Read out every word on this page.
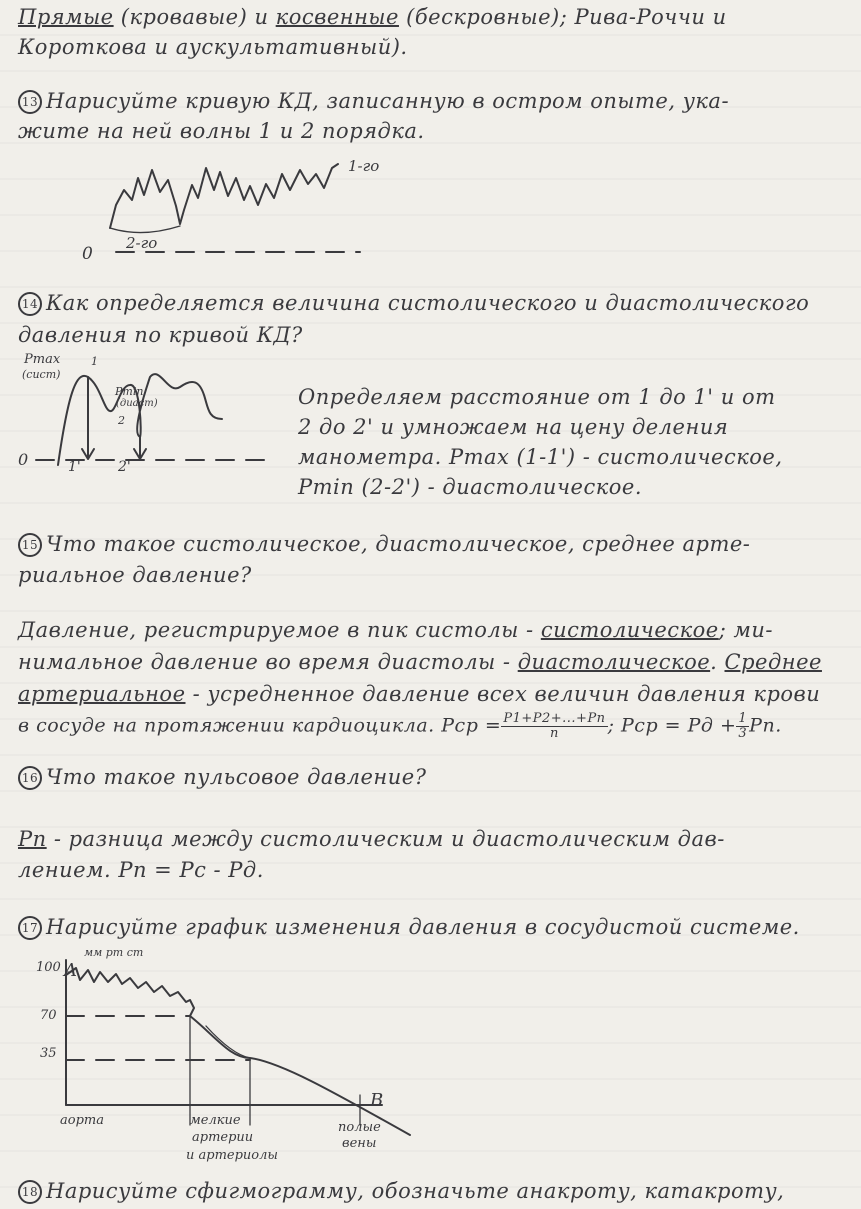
Прямые (кровавые) и косвенные (бескровные); Рива-Роччи и
Короткова и аускультативный).
13 Нарисуйте кривую КД, записанную в остром опыте, ука-
жите на ней волны 1 и 2 порядка.
1-го
2-го
0
14 Как определяется величина систолического и диастолического
давления по кривой КД?
Pmax
(сист)
Pmin
(диаст)
1
2
1'	2'
0
Определяем расстояние от 1 до 1' и от
2 до 2' и умножаем на цену деления
манометра. Pmax (1-1') - систолическое,
Pmin (2-2') - диастолическое.
15 Что такое систолическое, диастолическое, среднее арте-
риальное давление?
Давление, регистрируемое в пик систолы - систолическое; ми-
нимальное давление во время диастолы - диастолическое. Среднее
артериальное - усредненное давление всех величин давления крови
в сосуде на протяжении кардиоцикла. Pср = $\frac{P1+P2+...+Pn}{n}$ ; Pср = Pд + $\frac{1}{3}$ Pп.
16 Что такое пульсовое давление?
Pп - разница между систолическим и диастолическим дав-
лением. Pп = Pс - Pд.
17 Нарисуйте график изменения давления в сосудистой системе.
100
70
35
мм рт ст
A
B
аорта	мелкие
артерии
и артериолы
полые
вены
18 Нарисуйте сфигмограмму, обозначьте анакроту, катакроту,
